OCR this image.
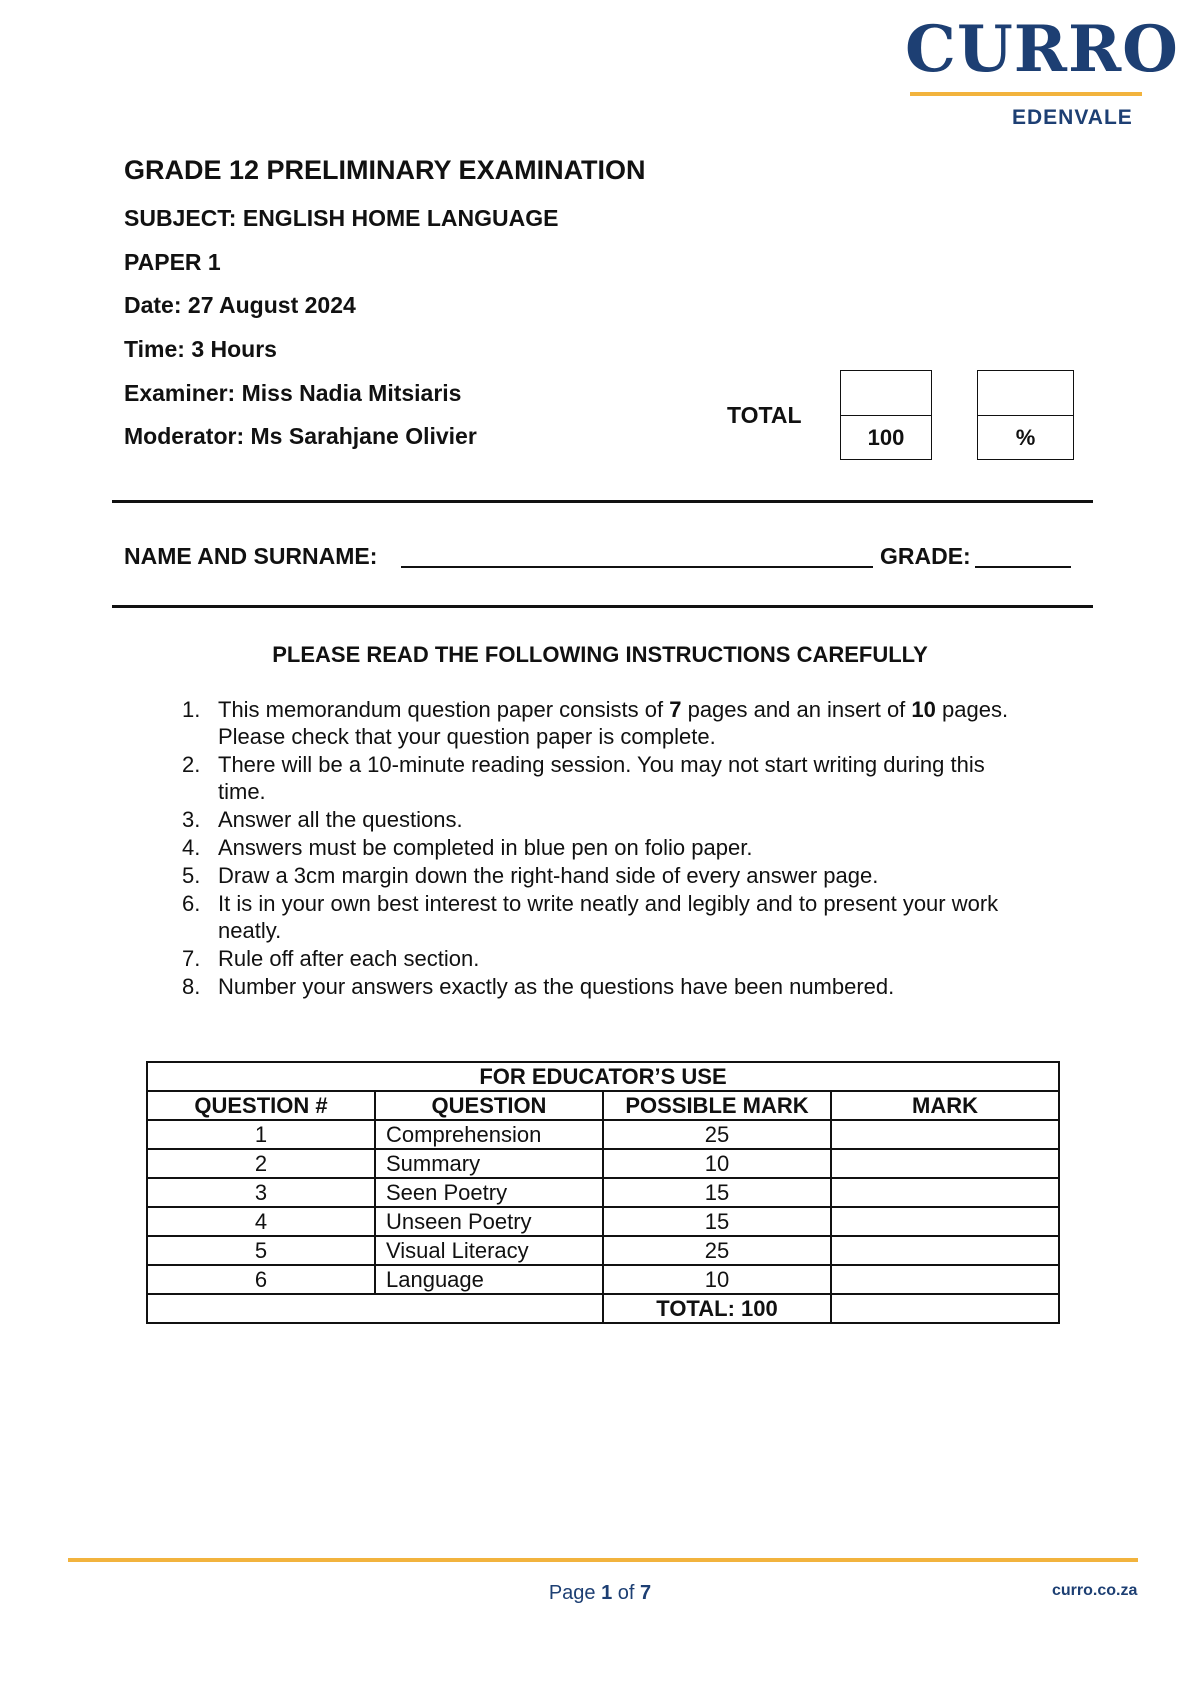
CURRO
EDENVALE
GRADE 12 PRELIMINARY EXAMINATION
SUBJECT: ENGLISH HOME LANGUAGE
PAPER 1
Date: 27 August 2024
Time: 3 Hours
Examiner: Miss Nadia Mitsiaris
Moderator: Ms Sarahjane Olivier
TOTAL
100	%
NAME AND SURNAME:	GRADE:
PLEASE READ THE FOLLOWING INSTRUCTIONS CAREFULLY
1. This memorandum question paper consists of 7 pages and an insert of 10 pages. Please check that your question paper is complete.
2. There will be a 10-minute reading session. You may not start writing during this time.
3. Answer all the questions.
4. Answers must be completed in blue pen on folio paper.
5. Draw a 3cm margin down the right-hand side of every answer page.
6. It is in your own best interest to write neatly and legibly and to present your work neatly.
7. Rule off after each section.
8. Number your answers exactly as the questions have been numbered.
FOR EDUCATOR’S USE			
QUESTION #	QUESTION	POSSIBLE MARK	MARK
1	Comprehension	25	
2	Summary	10	
3	Seen Poetry	15	
4	Unseen Poetry	15	
5	Visual Literacy	25	
6	Language	10	
		TOTAL: 100	
Page 1 of 7	curro.co.za
